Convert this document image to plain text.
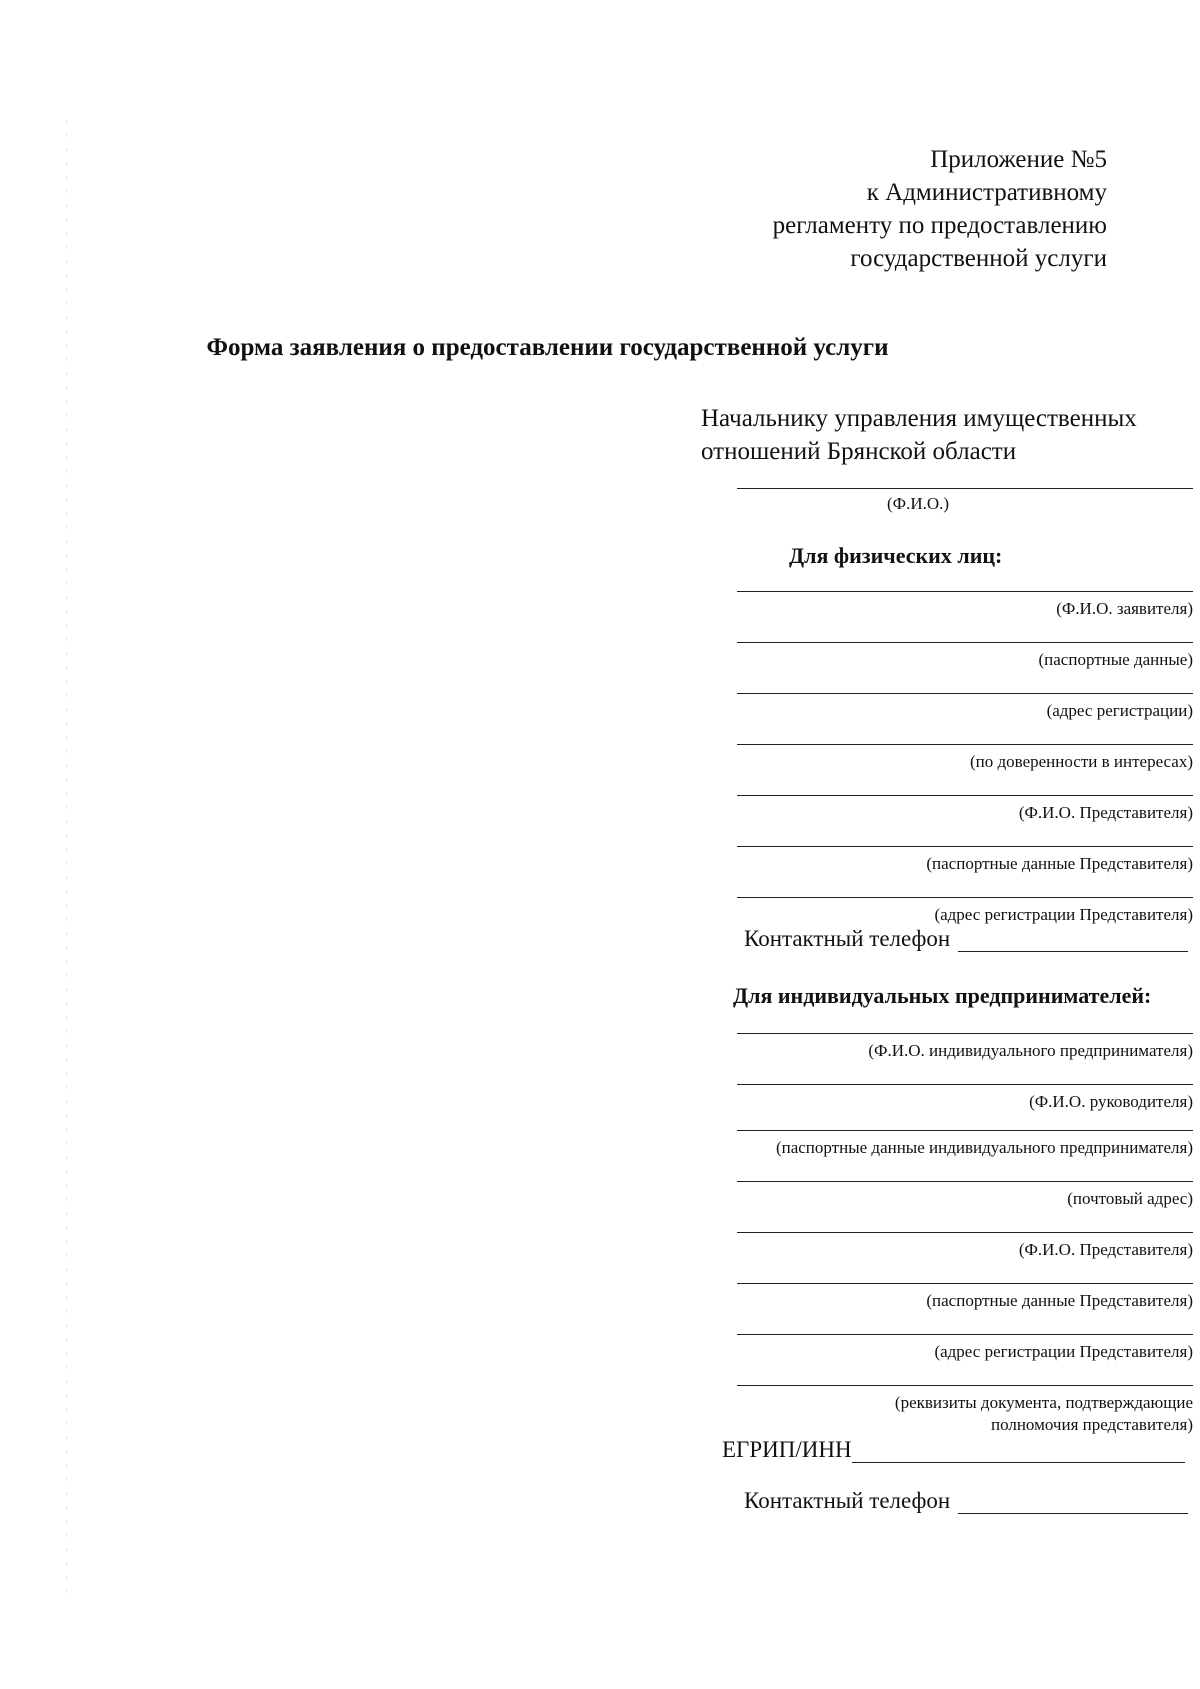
Приложение №5
к Административному
регламенту по предоставлению
государственной услуги
Форма заявления о предоставлении государственной услуги
Начальнику управления имущественных
отношений Брянской области
(Ф.И.О.)
Для физических лиц:
(Ф.И.О. заявителя)
(паспортные данные)
(адрес регистрации)
(по доверенности в интересах)
(Ф.И.О. Представителя)
(паспортные данные Представителя)
(адрес регистрации Представителя)
Контактный телефон
Для индивидуальных предпринимателей:
(Ф.И.О. индивидуального предпринимателя)
(Ф.И.О. руководителя)
(паспортные данные индивидуального предпринимателя)
(почтовый адрес)
(Ф.И.О. Представителя)
(паспортные данные Представителя)
(адрес регистрации Представителя)
(реквизиты документа, подтверждающие
полномочия представителя)
ЕГРИП/ИНН
Контактный телефон
